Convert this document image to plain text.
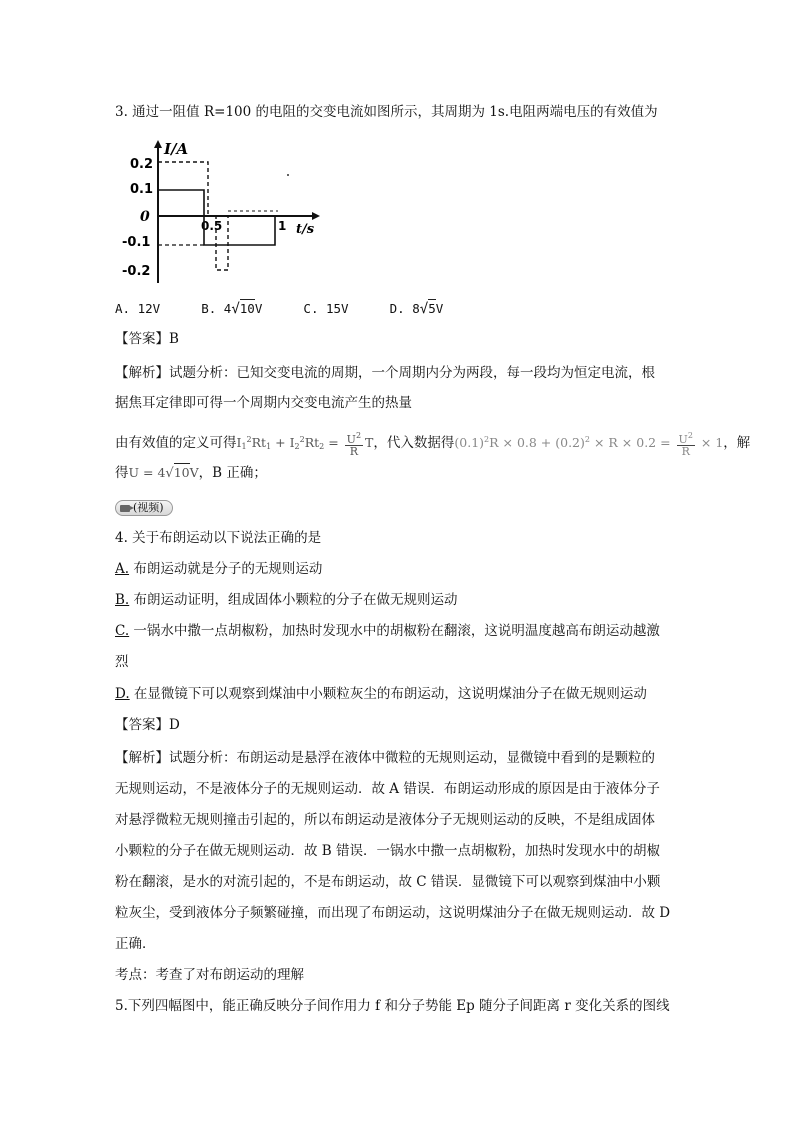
3. 通过一阻值 R=100 的电阻的交变电流如图所示，其周期为 1s.电阻两端电压的有效值为
I/A
t/s
0.2
0.1
0
-0.1
-0.2
0.5	1
A. 12V	B. 4√10V	C. 15V	D. 8√5V
【答案】B
【解析】试题分析：已知交变电流的周期，一个周期内分为两段，每一段均为恒定电流，根
据焦耳定律即可得一个周期内交变电流产生的热量
由有效值的定义可得$I_1^2Rt_1 + I_2^2Rt_2 = \frac{U^2}{R}$ T，代入数据得$(0.1)^2R \times 0.8 + (0.2)^2 \times R \times 0.2 = \frac{U^2}{R} \times 1$，解
得U = 4√10V，B 正确；
(视频)
4. 关于布朗运动以下说法正确的是
A. 布朗运动就是分子的无规则运动
B. 布朗运动证明，组成固体小颗粒的分子在做无规则运动
C. 一锅水中撒一点胡椒粉，加热时发现水中的胡椒粉在翻滚，这说明温度越高布朗运动越激
烈
D. 在显微镜下可以观察到煤油中小颗粒灰尘的布朗运动，这说明煤油分子在做无规则运动
【答案】D
【解析】试题分析：布朗运动是悬浮在液体中微粒的无规则运动，显微镜中看到的是颗粒的
无规则运动，不是液体分子的无规则运动．故 A 错误．布朗运动形成的原因是由于液体分子
对悬浮微粒无规则撞击引起的，所以布朗运动是液体分子无规则运动的反映，不是组成固体
小颗粒的分子在做无规则运动．故 B 错误．一锅水中撒一点胡椒粉，加热时发现水中的胡椒
粉在翻滚，是水的对流引起的，不是布朗运动，故 C 错误．显微镜下可以观察到煤油中小颗
粒灰尘，受到液体分子频繁碰撞，而出现了布朗运动，这说明煤油分子在做无规则运动．故 D
正确．
考点：考查了对布朗运动的理解
5.下列四幅图中，能正确反映分子间作用力 f 和分子势能 Ep 随分子间距离 r 变化关系的图线
